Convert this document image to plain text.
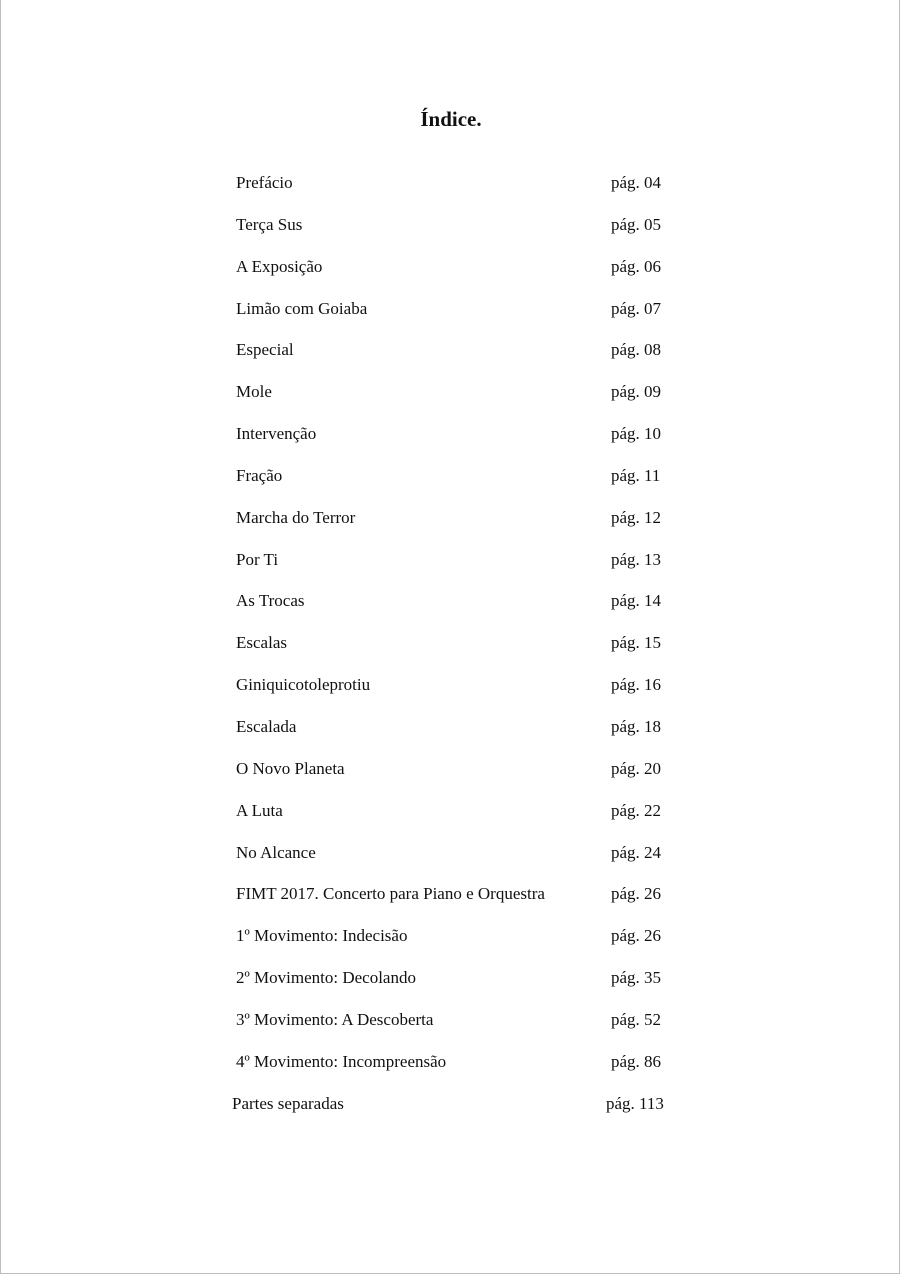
Índice.
Prefácio	pág. 04
Terça Sus	pág. 05
A Exposição	pág. 06
Limão com Goiaba	pág. 07
Especial	pág. 08
Mole	pág. 09
Intervenção	pág. 10
Fração	pág. 11
Marcha do Terror	pág. 12
Por Ti	pág. 13
As Trocas	pág. 14
Escalas	pág. 15
Giniquicotoleprotiu	pág. 16
Escalada	pág. 18
O Novo Planeta	pág. 20
A Luta	pág. 22
No Alcance	pág. 24
FIMT 2017. Concerto para Piano e Orquestra	pág. 26
1º Movimento: Indecisão	pág. 26
2º Movimento: Decolando	pág. 35
3º Movimento: A Descoberta	pág. 52
4º Movimento: Incompreensão	pág. 86
Partes separadas	pág. 113
